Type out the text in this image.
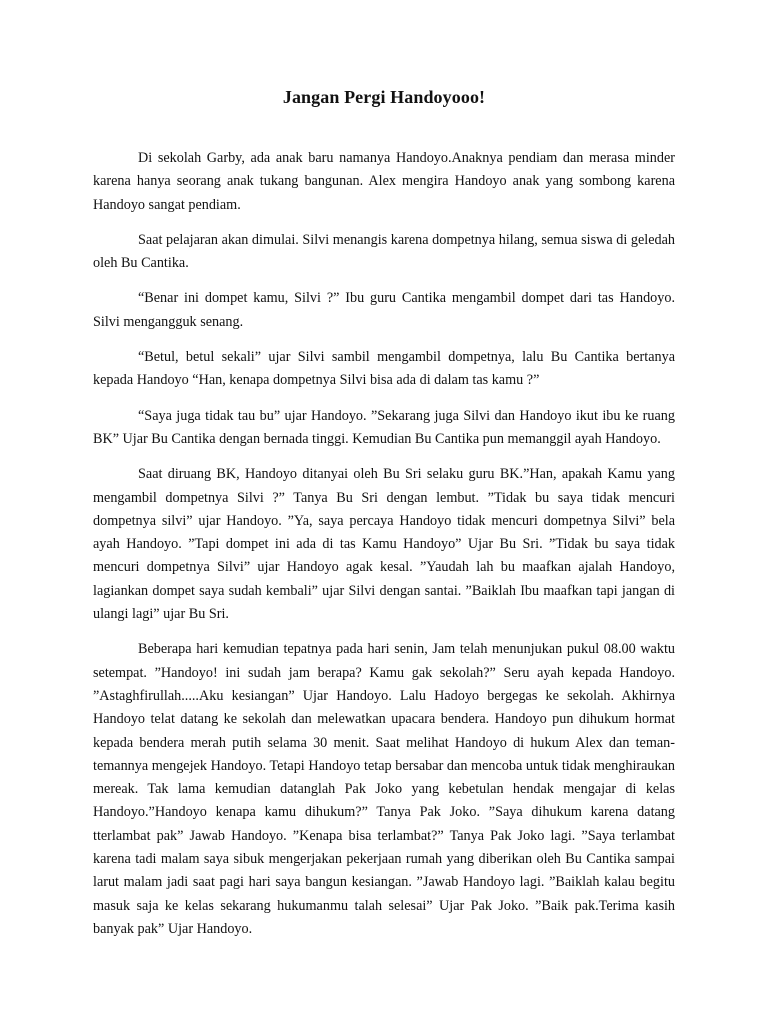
Jangan Pergi Handoyooo!

Di sekolah Garby, ada anak baru namanya Handoyo.Anaknya pendiam dan merasa minder karena hanya seorang anak tukang bangunan. Alex mengira Handoyo anak yang sombong karena Handoyo sangat pendiam.

Saat pelajaran akan dimulai. Silvi menangis karena dompetnya hilang, semua siswa di geledah oleh Bu Cantika.

“Benar ini dompet kamu, Silvi ?” Ibu guru Cantika mengambil dompet dari tas Handoyo. Silvi mengangguk senang.

“Betul, betul sekali” ujar Silvi sambil mengambil dompetnya, lalu Bu Cantika bertanya kepada Handoyo “Han, kenapa dompetnya Silvi bisa ada di dalam tas kamu ?”

“Saya juga tidak tau bu” ujar Handoyo. ”Sekarang juga Silvi dan Handoyo ikut ibu ke ruang BK” Ujar Bu Cantika dengan bernada tinggi. Kemudian Bu Cantika pun memanggil ayah Handoyo.

Saat diruang BK, Handoyo ditanyai oleh Bu Sri selaku guru BK.”Han, apakah Kamu yang mengambil dompetnya Silvi ?” Tanya Bu Sri dengan lembut. ”Tidak bu saya tidak mencuri dompetnya silvi” ujar Handoyo. ”Ya, saya percaya Handoyo tidak mencuri dompetnya Silvi” bela ayah Handoyo. ”Tapi dompet ini ada di tas Kamu Handoyo” Ujar Bu Sri. ”Tidak bu saya tidak mencuri dompetnya Silvi” ujar Handoyo agak kesal. ”Yaudah lah bu maafkan ajalah Handoyo, lagiankan dompet saya sudah kembali” ujar Silvi dengan santai. ”Baiklah Ibu maafkan tapi jangan di ulangi lagi” ujar Bu Sri.

Beberapa hari kemudian tepatnya pada hari senin, Jam telah menunjukan pukul 08.00 waktu setempat. ”Handoyo! ini sudah jam berapa? Kamu gak sekolah?” Seru ayah kepada Handoyo. ”Astaghfirullah.....Aku kesiangan” Ujar Handoyo. Lalu Hadoyo bergegas ke sekolah. Akhirnya Handoyo telat datang ke sekolah dan melewatkan upacara bendera. Handoyo pun dihukum hormat kepada bendera merah putih selama 30 menit. Saat melihat Handoyo di hukum Alex dan teman-temannya mengejek Handoyo. Tetapi Handoyo tetap bersabar dan mencoba untuk tidak menghiraukan mereak. Tak lama kemudian datanglah Pak Joko yang kebetulan hendak mengajar di kelas Handoyo.”Handoyo kenapa kamu dihukum?” Tanya Pak Joko. ”Saya dihukum karena datang tterlambat pak” Jawab Handoyo. ”Kenapa bisa terlambat?” Tanya Pak Joko lagi. ”Saya terlambat karena tadi malam saya sibuk mengerjakan pekerjaan rumah yang diberikan oleh Bu Cantika sampai larut malam jadi saat pagi hari saya bangun kesiangan. ”Jawab Handoyo lagi. ”Baiklah kalau begitu masuk saja ke kelas sekarang hukumanmu talah selesai” Ujar Pak Joko. ”Baik pak.Terima kasih banyak pak” Ujar Handoyo.
